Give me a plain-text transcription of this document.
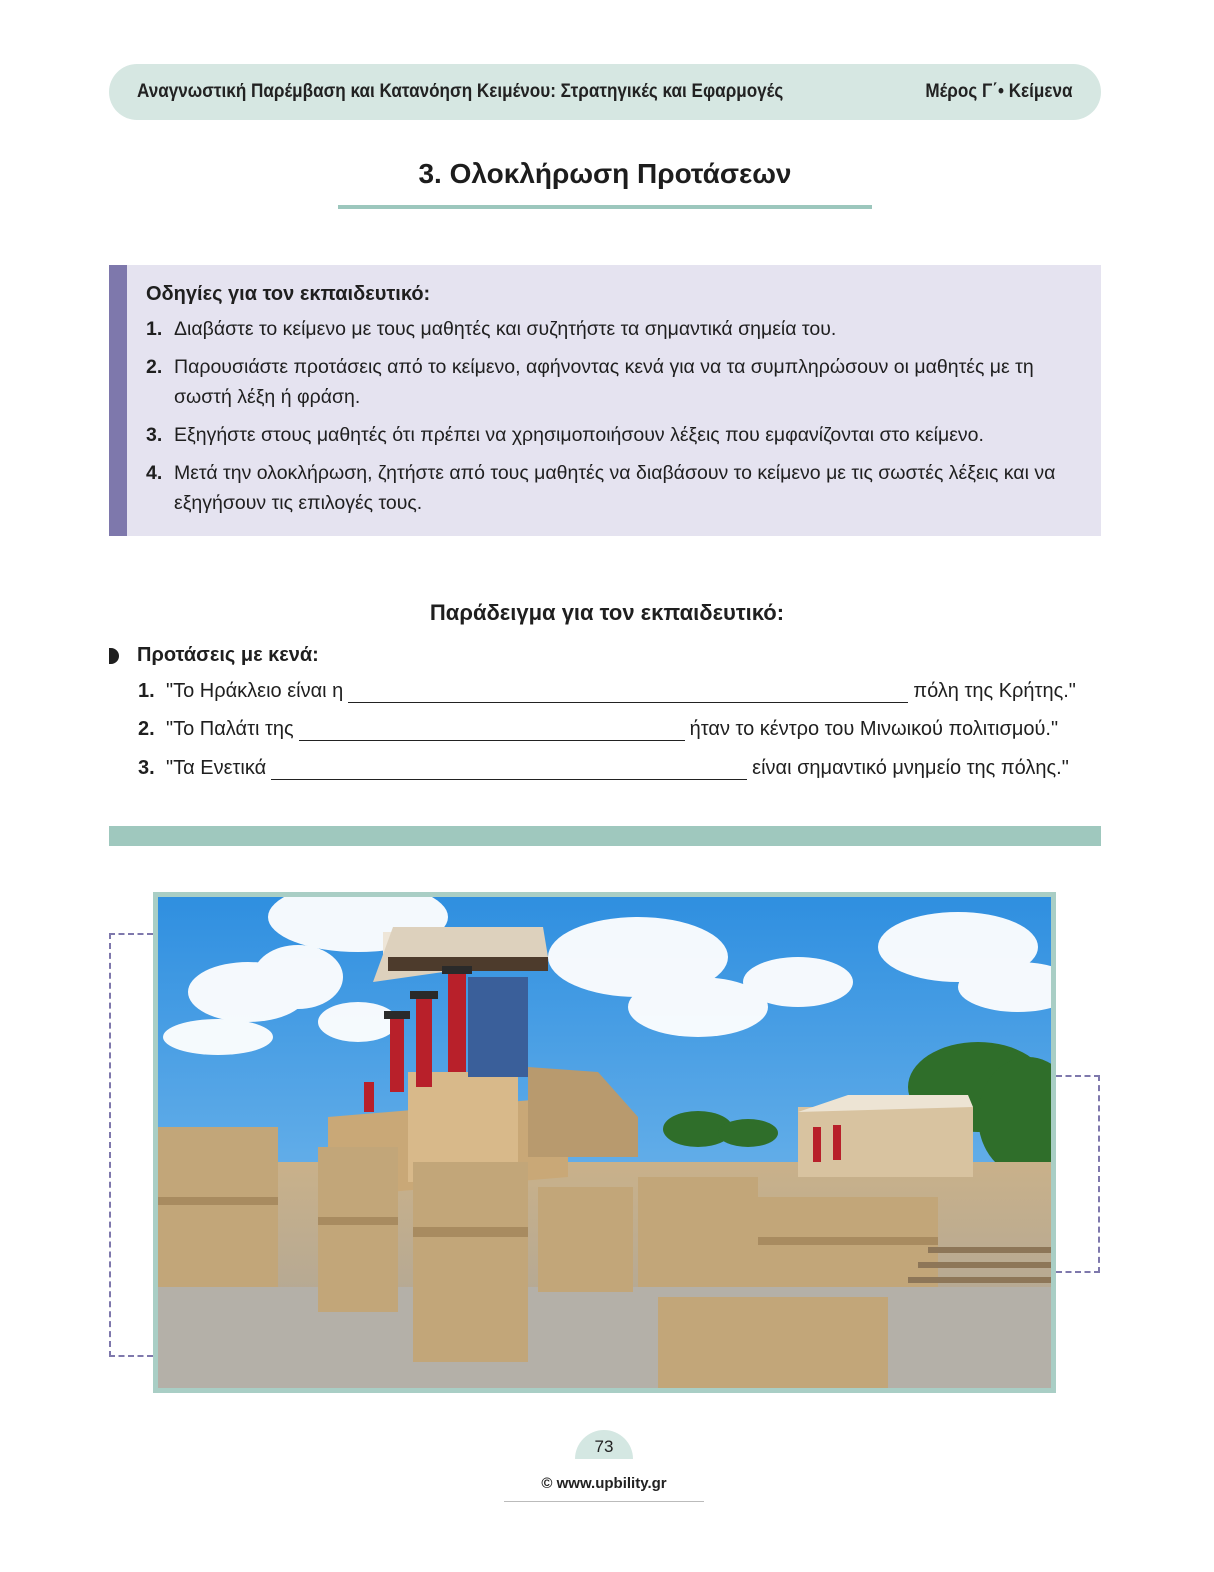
Αναγνωστική Παρέμβαση και Κατανόηση Κειμένου: Στρατηγικές και Εφαρμογές	Μέρος Γ΄• Κείμενα
3. Ολοκλήρωση Προτάσεων
Οδηγίες για τον εκπαιδευτικό:
1. Διαβάστε το κείμενο με τους μαθητές και συζητήστε τα σημαντικά σημεία του.
2. Παρουσιάστε προτάσεις από το κείμενο, αφήνοντας κενά για να τα συμπληρώσουν οι μαθητές με τη σωστή λέξη ή φράση.
3. Εξηγήστε στους μαθητές ότι πρέπει να χρησιμοποιήσουν λέξεις που εμφανίζονται στο κείμενο.
4. Μετά την ολοκλήρωση, ζητήστε από τους μαθητές να διαβάσουν το κείμενο με τις σωστές λέξεις και να εξηγήσουν τις επιλογές τους.
Παράδειγμα για τον εκπαιδευτικό:
Προτάσεις με κενά:
1. "Το Ηράκλειο είναι η	πόλη της Κρήτης."
2. "Το Παλάτι της	ήταν το κέντρο του Μινωικού πολιτισμού."
3. "Τα Ενετικά	είναι σημαντικό μνημείο της πόλης."
73
© www.upbility.gr
